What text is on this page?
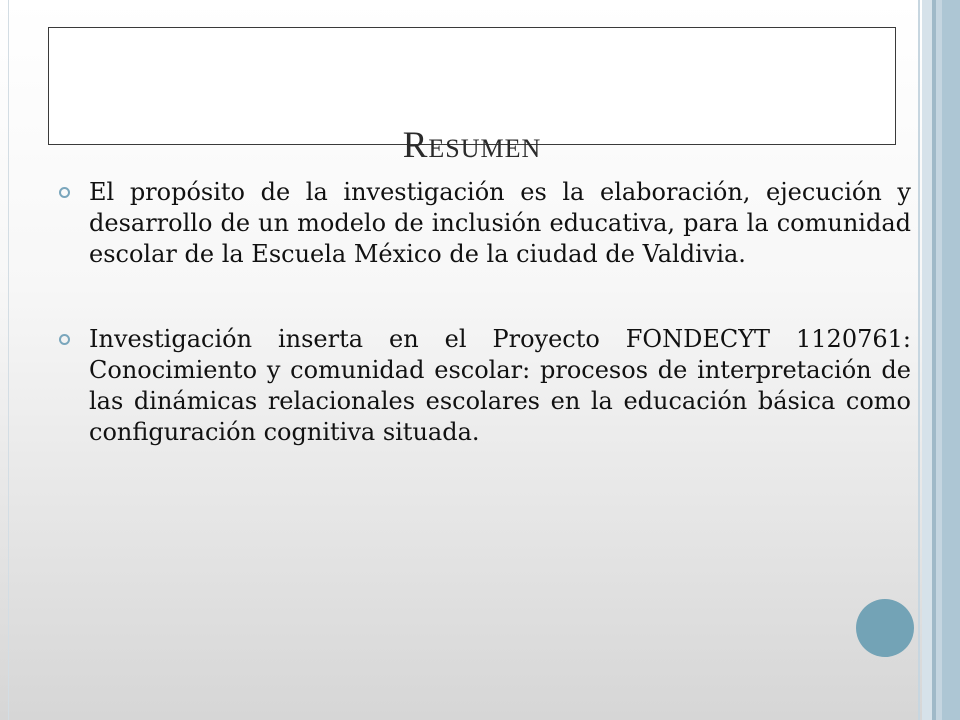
Resumen
El propósito de la investigación es la elaboración, ejecución y desarrollo de un modelo de inclusión educativa, para la comunidad escolar de la Escuela México de la ciudad de Valdivia.
Investigación inserta en el Proyecto FONDECYT 1120761: Conocimiento y comunidad escolar: procesos de interpretación de las dinámicas relacionales escolares en la educación básica como configuración cognitiva situada.
